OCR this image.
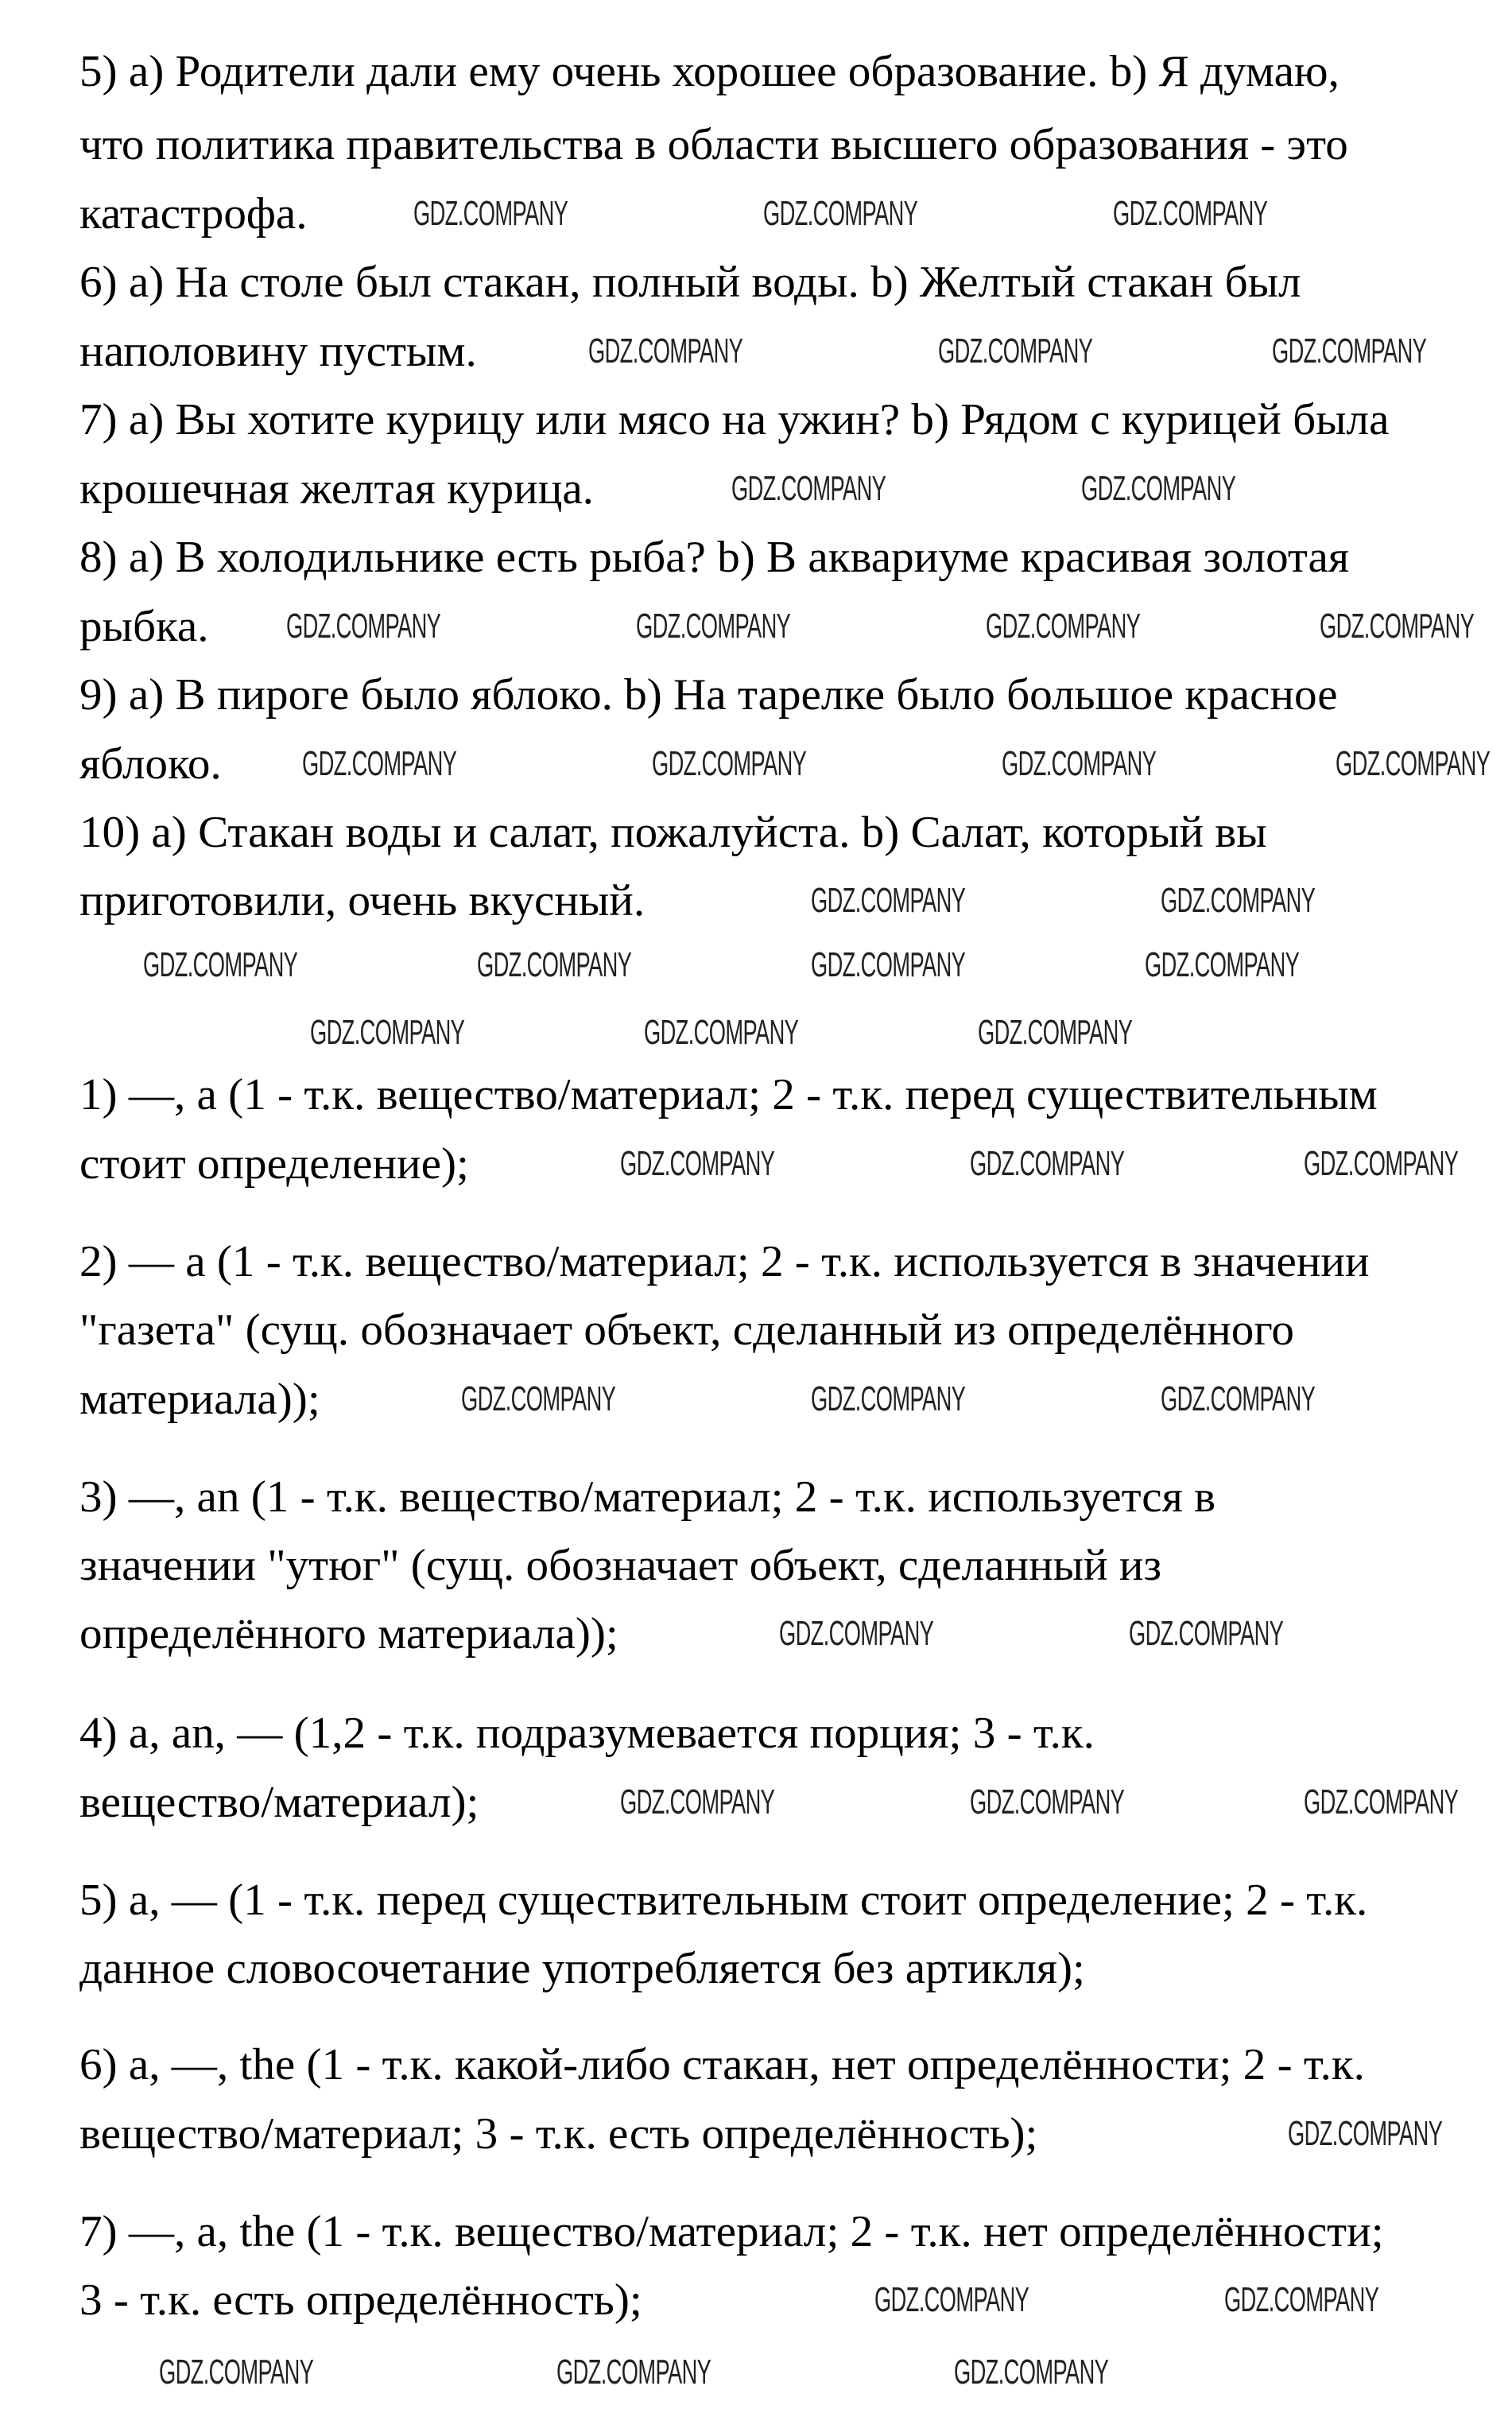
5) а) Родители дали ему очень хорошее образование. b) Я думаю,
что политика правительства в области высшего образования - это
катастрофа.
6) а) На столе был стакан, полный воды. b) Желтый стакан был
наполовину пустым.
7) а) Вы хотите курицу или мясо на ужин? b) Рядом с курицей была
крошечная желтая курица.
8) а) В холодильнике есть рыба? b) В аквариуме красивая золотая
рыбка.
9) а) В пироге было яблоко. b) На тарелке было большое красное
яблоко.
10) а) Стакан воды и салат, пожалуйста. b) Салат, который вы
приготовили, очень вкусный.
1) —, a (1 - т.к. вещество/материал; 2 - т.к. перед существительным
стоит определение);
2) — a (1 - т.к. вещество/материал; 2 - т.к. используется в значении
"газета" (сущ. обозначает объект, сделанный из определённого
материала));
3) —, an (1 - т.к. вещество/материал; 2 - т.к. используется в
значении "утюг" (сущ. обозначает объект, сделанный из
определённого материала));
4) a, an, — (1,2 - т.к. подразумевается порция; 3 - т.к.
вещество/материал);
5) a, — (1 - т.к. перед существительным стоит определение; 2 - т.к.
данное словосочетание употребляется без артикля);
6) a, —, the (1 - т.к. какой-либо стакан, нет определённости; 2 - т.к.
вещество/материал; 3 - т.к. есть определённость);
7) —, a, the (1 - т.к. вещество/материал; 2 - т.к. нет определённости;
3 - т.к. есть определённость);
GDZ.COMPANY	GDZ.COMPANY	GDZ.COMPANY
GDZ.COMPANY	GDZ.COMPANY	GDZ.COMPANY
GDZ.COMPANY	GDZ.COMPANY
GDZ.COMPANY	GDZ.COMPANY	GDZ.COMPANY	GDZ.COMPANY
GDZ.COMPANY	GDZ.COMPANY	GDZ.COMPANY	GDZ.COMPANY
GDZ.COMPANY	GDZ.COMPANY
GDZ.COMPANY	GDZ.COMPANY	GDZ.COMPANY
GDZ.COMPANY	GDZ.COMPANY	GDZ.COMPANY
GDZ.COMPANY	GDZ.COMPANY
GDZ.COMPANY	GDZ.COMPANY	GDZ.COMPANY
GDZ.COMPANY
GDZ.COMPANY	GDZ.COMPANY
GDZ.COMPANY	GDZ.COMPANY	GDZ.COMPANY	GDZ.COMPANY
GDZ.COMPANY	GDZ.COMPANY	GDZ.COMPANY
GDZ.COMPANY	GDZ.COMPANY	GDZ.COMPANY
